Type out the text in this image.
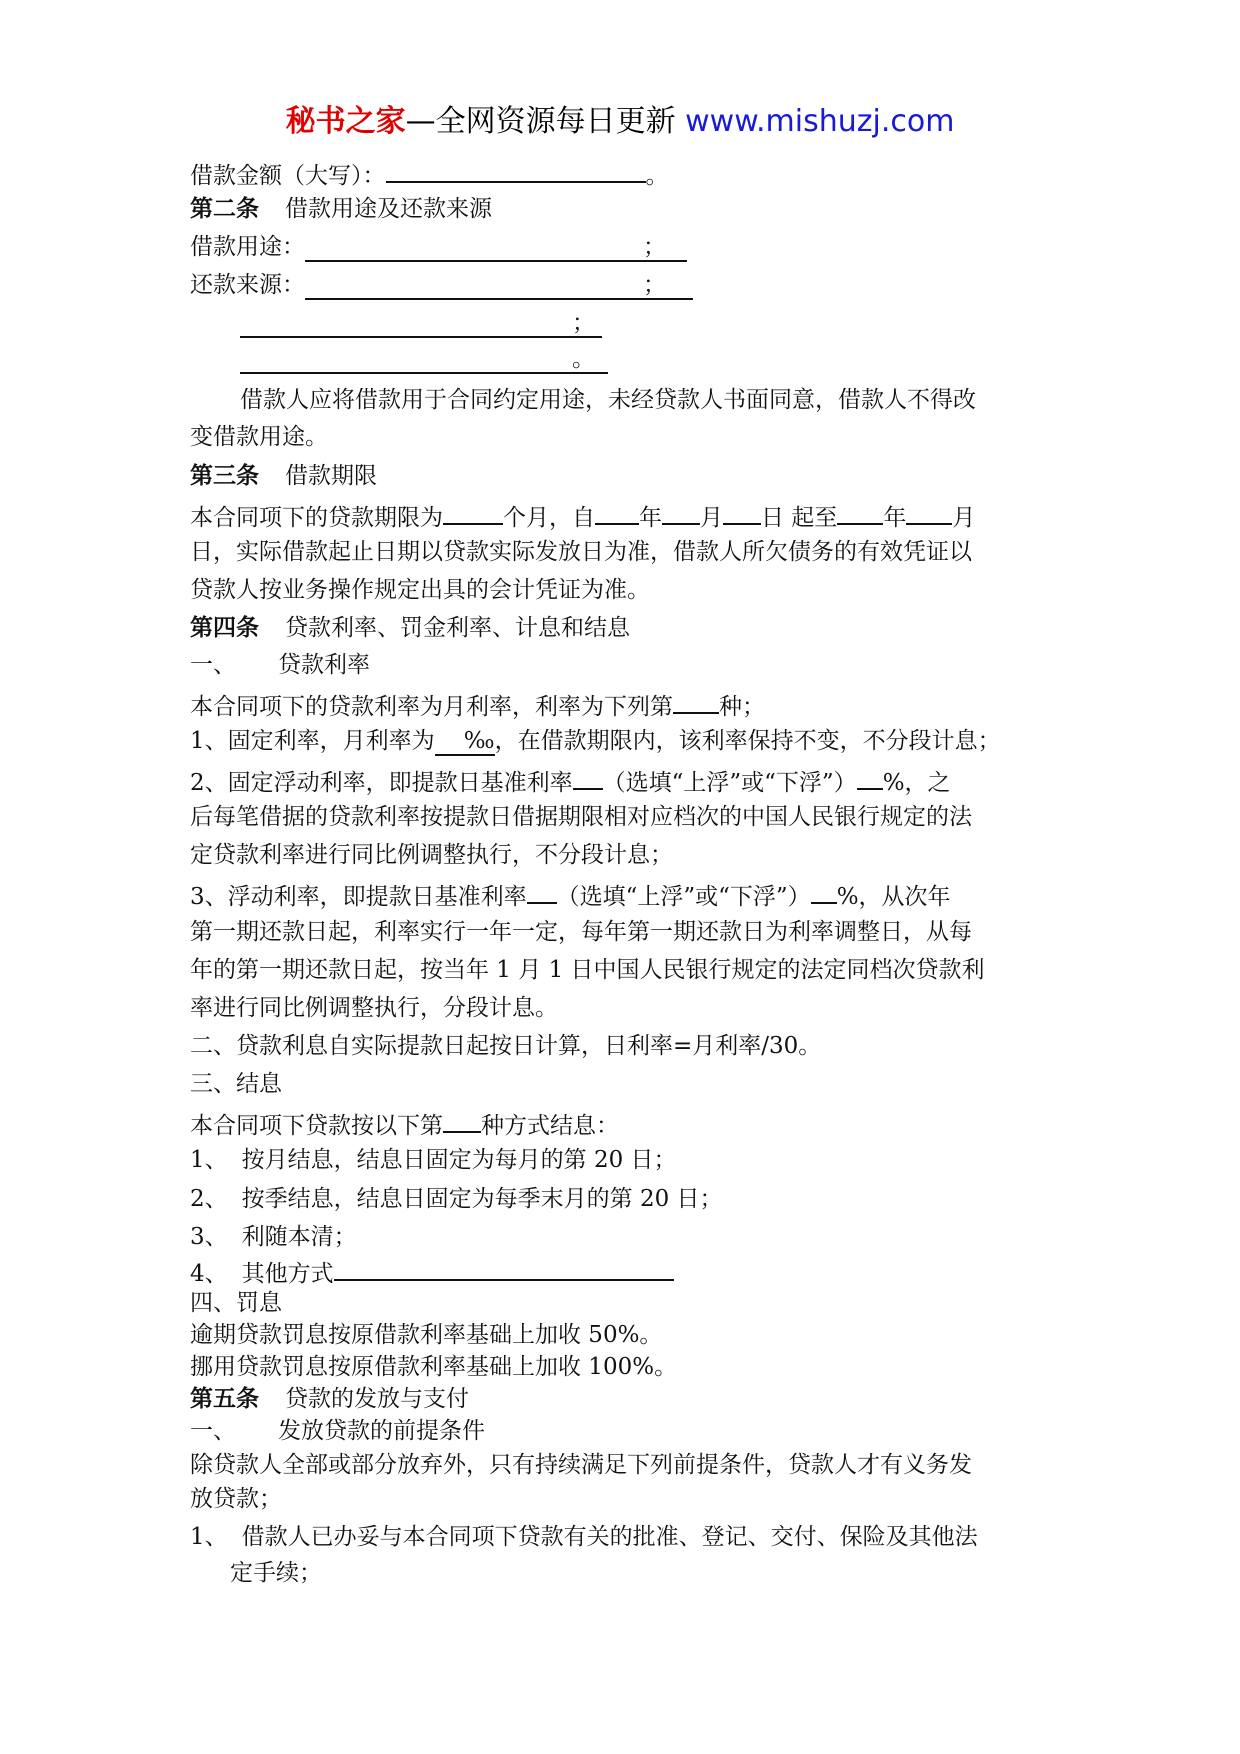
秘书之家—全网资源每日更新 www.mishuzj.com
借款金额（大写）：	。
第二条 借款用途及还款来源
借款用途：	；
还款来源：	；
；
。
借款人应将借款用于合同约定用途，未经贷款人书面同意，借款人不得改
变借款用途。
第三条 借款期限
本合同项下的贷款期限为	个月，自 年 月 日 起至 年 月
日，实际借款起止日期以贷款实际发放日为准，借款人所欠债务的有效凭证以
贷款人按业务操作规定出具的会计凭证为准。
第四条 贷款利率、罚金利率、计息和结息
一、 贷款利率
本合同项下的贷款利率为月利率，利率为下列第 种；
1、固定利率，月利率为 ‰，在借款期限内，该利率保持不变，不分段计息；
2、固定浮动利率，即提款日基准利率 （选填“上浮”或“下浮”） %，之
后每笔借据的贷款利率按提款日借据期限相对应档次的中国人民银行规定的法
定贷款利率进行同比例调整执行，不分段计息；
3、浮动利率，即提款日基准利率 （选填“上浮”或“下浮”） %，从次年
第一期还款日起，利率实行一年一定，每年第一期还款日为利率调整日，从每
年的第一期还款日起，按当年 1 月 1 日中国人民银行规定的法定同档次贷款利
率进行同比例调整执行，分段计息。
二、贷款利息自实际提款日起按日计算，日利率=月利率/30。
三、结息
本合同项下贷款按以下第 种方式结息：
1、 按月结息，结息日固定为每月的第 20 日；
2、 按季结息，结息日固定为每季末月的第 20 日；
3、 利随本清；
4、 其他方式
四、罚息
逾期贷款罚息按原借款利率基础上加收 50%。
挪用贷款罚息按原借款利率基础上加收 100%。
第五条 贷款的发放与支付
一、 发放贷款的前提条件
除贷款人全部或部分放弃外，只有持续满足下列前提条件，贷款人才有义务发
放贷款；
1、 借款人已办妥与本合同项下贷款有关的批准、登记、交付、保险及其他法
定手续；
